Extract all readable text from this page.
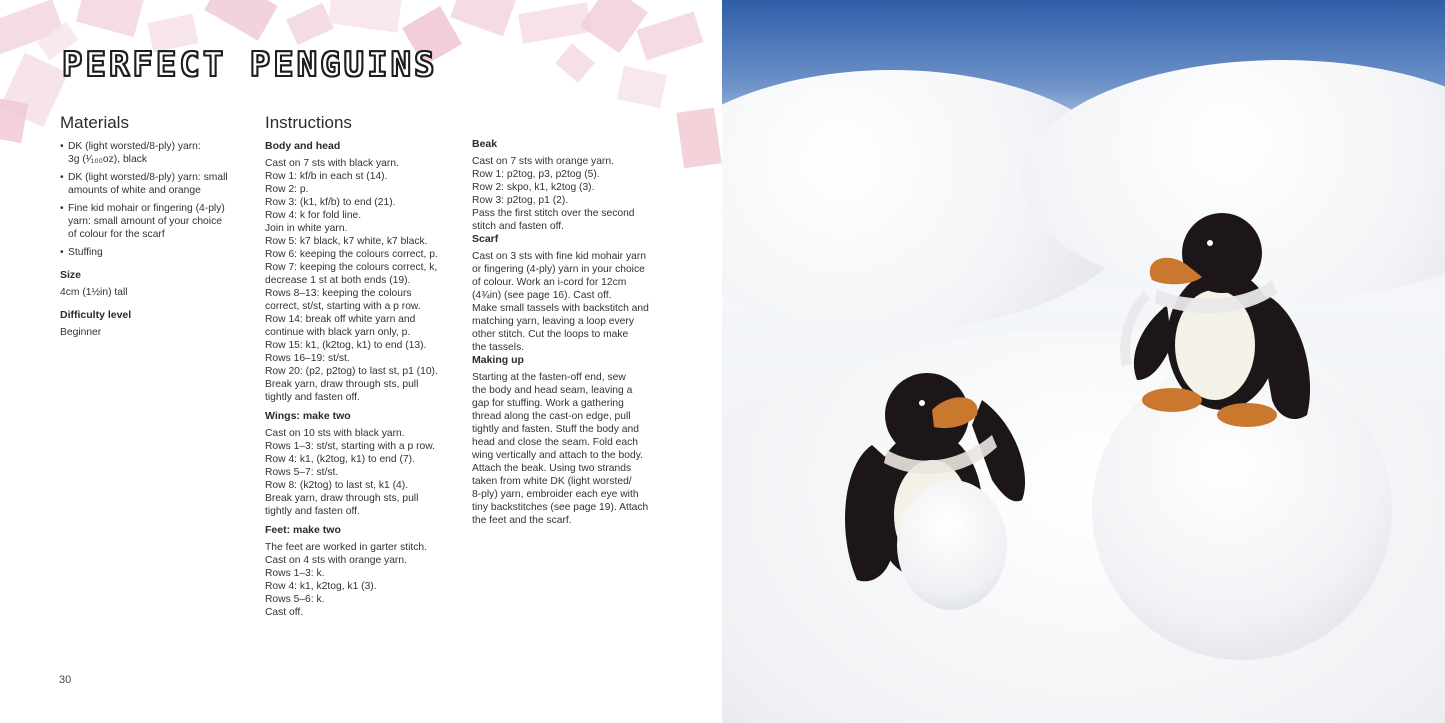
PERFECT PENGUINS
Materials
• DK (light worsted/8-ply) yarn:
3g (¹⁄₁₀₀oz), black
• DK (light worsted/8-ply) yarn: small
amounts of white and orange
• Fine kid mohair or fingering (4-ply)
yarn: small amount of your choice
of colour for the scarf
• Stuffing
Size

4cm (1½in) tall

Difficulty level

Beginner

Instructions
Body and head
Cast on 7 sts with black yarn.
Row 1: kf/b in each st (14).
Row 2: p.
Row 3: (k1, kf/b) to end (21).
Row 4: k for fold line.
Join in white yarn.
Row 5: k7 black, k7 white, k7 black.
Row 6: keeping the colours correct, p.
Row 7: keeping the colours correct, k,
decrease 1 st at both ends (19).
Rows 8–13: keeping the colours
correct, st/st, starting with a p row.
Row 14: break off white yarn and
continue with black yarn only, p.
Row 15: k1, (k2tog, k1) to end (13).
Rows 16–19: st/st.
Row 20: (p2, p2tog) to last st, p1 (10).
Break yarn, draw through sts, pull
tightly and fasten off.
Wings: make two
Cast on 10 sts with black yarn.
Rows 1–3: st/st, starting with a p row.
Row 4: k1, (k2tog, k1) to end (7).
Rows 5–7: st/st.
Row 8: (k2tog) to last st, k1 (4).
Break yarn, draw through sts, pull
tightly and fasten off.
Feet: make two
The feet are worked in garter stitch.
Cast on 4 sts with orange yarn.
Rows 1–3: k.
Row 4: k1, k2tog, k1 (3).
Rows 5–6: k.
Cast off.
Beak
Cast on 7 sts with orange yarn.
Row 1: p2tog, p3, p2tog (5).
Row 2: skpo, k1, k2tog (3).
Row 3: p2tog, p1 (2).
Pass the first stitch over the second
stitch and fasten off.
Scarf
Cast on 3 sts with fine kid mohair yarn
or fingering (4-ply) yarn in your choice
of colour. Work an i-cord for 12cm
(4¾in) (see page 16). Cast off.
Make small tassels with backstitch and
matching yarn, leaving a loop every
other stitch. Cut the loops to make
the tassels.
Making up
Starting at the fasten-off end, sew
the body and head seam, leaving a
gap for stuffing. Work a gathering
thread along the cast-on edge, pull
tightly and fasten. Stuff the body and
head and close the seam. Fold each
wing vertically and attach to the body.
Attach the beak. Using two strands
taken from white DK (light worsted/
8-ply) yarn, embroider each eye with
tiny backstitches (see page 19). Attach
the feet and the scarf.

30
